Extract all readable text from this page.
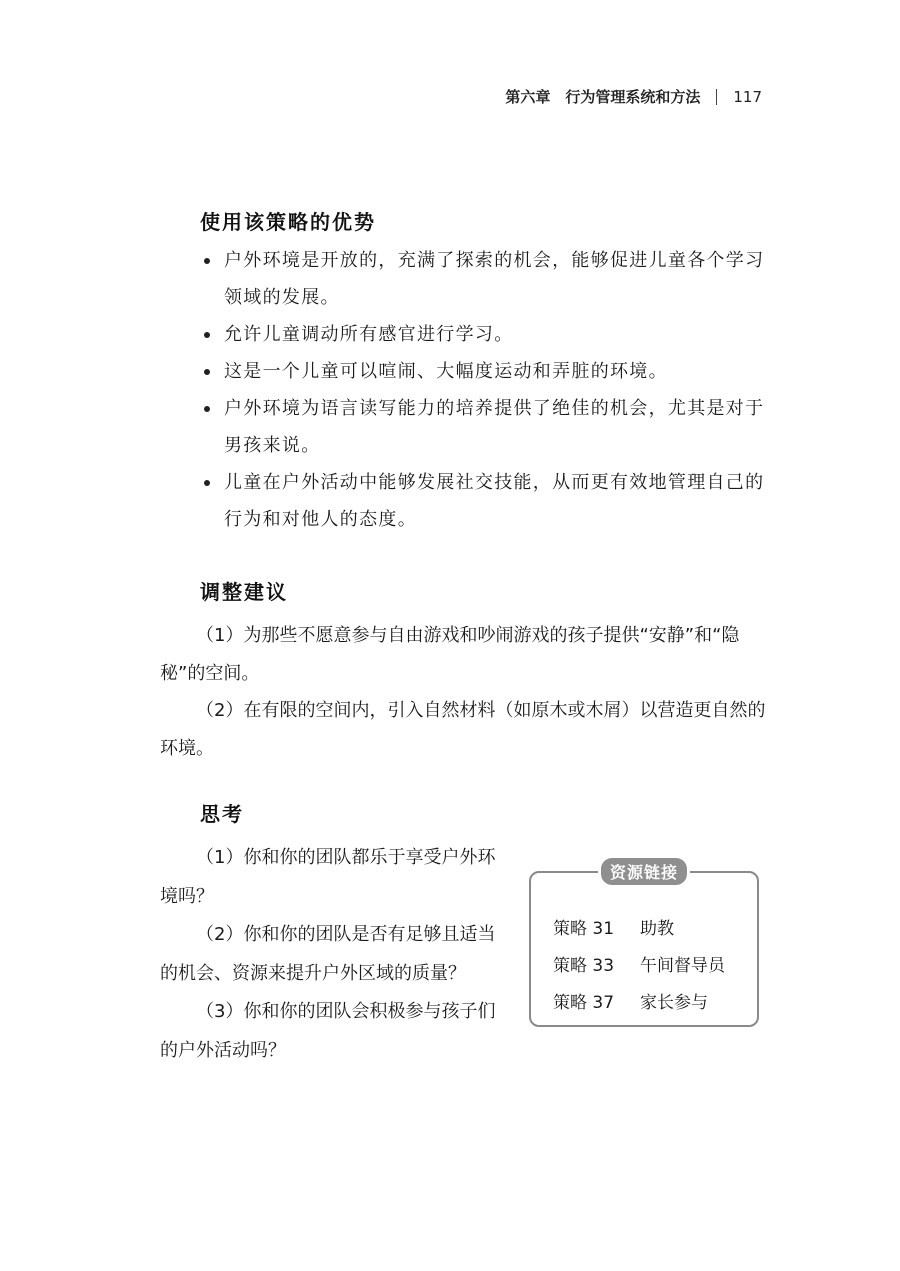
第六章　行为管理系统和方法 117
使用该策略的优势
户外环境是开放的，充满了探索的机会，能够促进儿童各个学习领域的发展。
允许儿童调动所有感官进行学习。
这是一个儿童可以喧闹、大幅度运动和弄脏的环境。
户外环境为语言读写能力的培养提供了绝佳的机会，尤其是对于男孩来说。
儿童在户外活动中能够发展社交技能，从而更有效地管理自己的行为和对他人的态度。
调整建议

（1）为那些不愿意参与自由游戏和吵闹游戏的孩子提供“安静”和“隐秘”的空间。

（2）在有限的空间内，引入自然材料（如原木或木屑）以营造更自然的环境。

思考

（1）你和你的团队都乐于享受户外环境吗？

（2）你和你的团队是否有足够且适当的机会、资源来提升户外区域的质量？

（3）你和你的团队会积极参与孩子们的户外活动吗？

资源链接
策略 31	助教
策略 33	午间督导员
策略 37	家长参与
